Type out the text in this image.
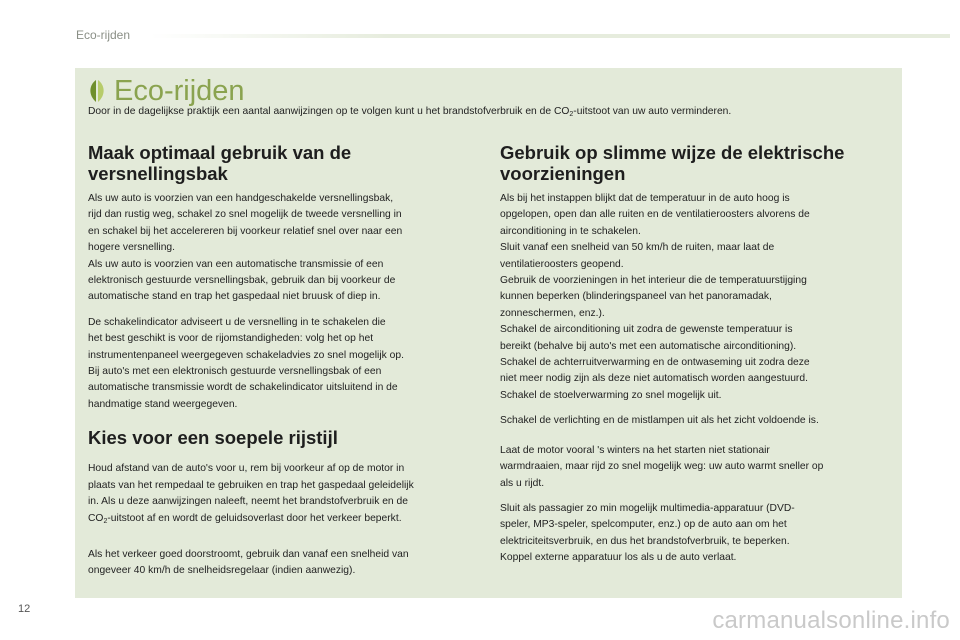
Eco-rijden
Eco-rijden

Door in de dagelijkse praktijk een aantal aanwijzingen op te volgen kunt u het brandstofverbruik en de $CO_2$-uitstoot van uw auto verminderen.

Maak optimaal gebruik van de
versnellingsbak

Als uw auto is voorzien van een handgeschakelde versnellingsbak,
rijd dan rustig weg, schakel zo snel mogelijk de tweede versnelling in
en schakel bij het accelereren bij voorkeur relatief snel over naar een
hogere versnelling.

Als uw auto is voorzien van een automatische transmissie of een
elektronisch gestuurde versnellingsbak, gebruik dan bij voorkeur de
automatische stand en trap het gaspedaal niet bruusk of diep in.

De schakelindicator adviseert u de versnelling in te schakelen die
het best geschikt is voor de rijomstandigheden: volg het op het
instrumentenpaneel weergegeven schakeladvies zo snel mogelijk op.
Bij auto's met een elektronisch gestuurde versnellingsbak of een
automatische transmissie wordt de schakelindicator uitsluitend in de
handmatige stand weergegeven.

Kies voor een soepele rijstijl

Houd afstand van de auto's voor u, rem bij voorkeur af op de motor in
plaats van het rempedaal te gebruiken en trap het gaspedaal geleidelijk
in. Als u deze aanwijzingen naleeft, neemt het brandstofverbruik en de
$CO_2$-uitstoot af en wordt de geluidsoverlast door het verkeer beperkt.

Als het verkeer goed doorstroomt, gebruik dan vanaf een snelheid van
ongeveer 40 km/h de snelheidsregelaar (indien aanwezig).

Gebruik op slimme wijze de elektrische
voorzieningen

Als bij het instappen blijkt dat de temperatuur in de auto hoog is
opgelopen, open dan alle ruiten en de ventilatieroosters alvorens de
airconditioning in te schakelen.
Sluit vanaf een snelheid van 50 km/h de ruiten, maar laat de
ventilatieroosters geopend.
Gebruik de voorzieningen in het interieur die de temperatuurstijging
kunnen beperken (blinderingspaneel van het panoramadak,
zonneschermen, enz.).
Schakel de airconditioning uit zodra de gewenste temperatuur is
bereikt (behalve bij auto's met een automatische airconditioning).
Schakel de achterruitverwarming en de ontwaseming uit zodra deze
niet meer nodig zijn als deze niet automatisch worden aangestuurd.
Schakel de stoelverwarming zo snel mogelijk uit.

Schakel de verlichting en de mistlampen uit als het zicht voldoende is.

Laat de motor vooral 's winters na het starten niet stationair
warmdraaien, maar rijd zo snel mogelijk weg: uw auto warmt sneller op
als u rijdt.

Sluit als passagier zo min mogelijk multimedia-apparatuur (DVD-
speler, MP3-speler, spelcomputer, enz.) op de auto aan om het
elektriciteitsverbruik, en dus het brandstofverbruik, te beperken.
Koppel externe apparatuur los als u de auto verlaat.

12	carmanualsonline.info
